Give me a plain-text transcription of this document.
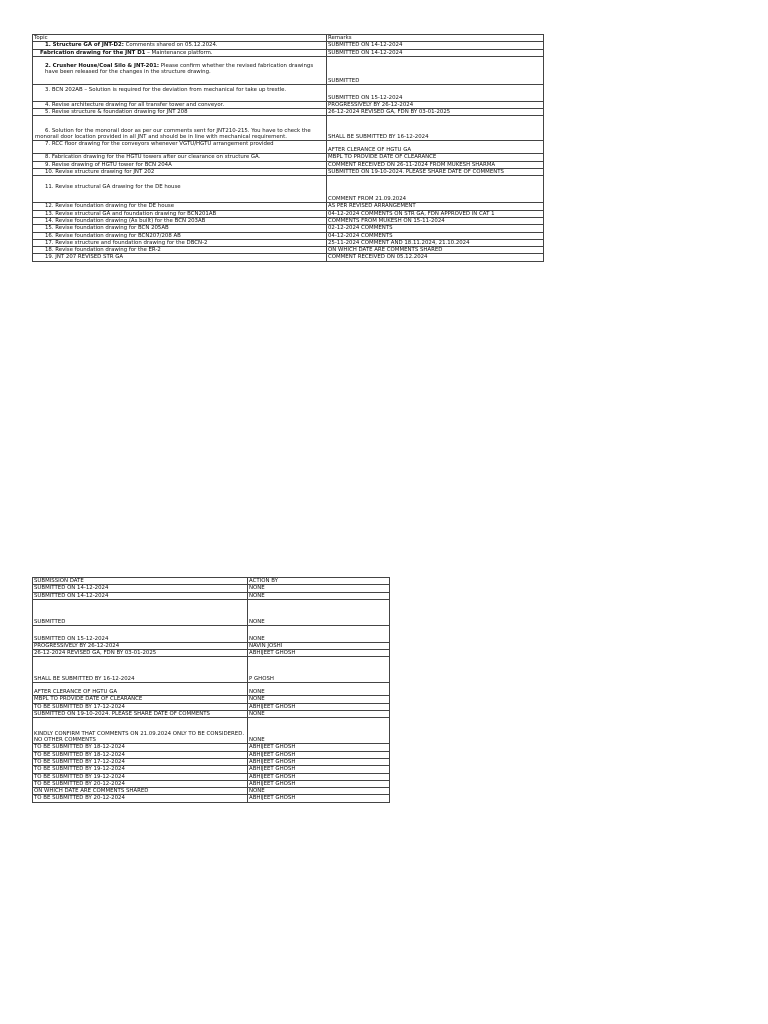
Topic	Remarks
1. Structure GA of JNT-D2: Comments shared on 05.12.2024.	SUBMITTED ON 14-12-2024
Fabrication drawing for the JNT D1 – Maintenance platform.	SUBMITTED ON 14-12-2024
2. Crusher House/Coal Silo & JNT-201: Please confirm whether the revised fabrication drawings have been released for the changes in the structure drawing.	SUBMITTED
3. BCN 202AB – Solution is required for the deviation from mechanical for take up trestle.	SUBMITTED ON 15-12-2024
4. Revise architecture drawing for all transfer tower and conveyor.	PROGRESSIVELY BY 26-12-2024
5. Revise structure & foundation drawing for JNT 208	26-12-2024 REVISED GA, FDN BY 03-01-2025
6. Solution for the monorail door as per our comments sent for JNT210-215. You have to check the monorail door location provided in all JNT and should be in line with mechanical requirement.	SHALL BE SUBMITTED BY 16-12-2024
7. RCC floor drawing for the conveyors whenever VGTU/HGTU arrangement provided	AFTER CLERANCE OF HGTU GA
8. Fabrication drawing for the HGTU towers after our clearance on structure GA.	MBPL TO PROVIDE DATE OF CLEARANCE
9. Revise drawing of HGTU tower for BCN 204A	COMMENT RECEIVED ON 26-11-2024 FROM MUKESH SHARMA
10. Revise structure drawing for JNT 202	SUBMITTED ON 19-10-2024. PLEASE SHARE DATE OF COMMENTS
11. Revise structural GA drawing for the DE house	COMMENT FROM 21.09.2024
12. Revise foundation drawing for the DE house	AS PER REVISED ARRANGEMENT
13. Revise structural GA and foundation drawing for BCN201AB	04-12-2024 COMMENTS ON STR GA, FDN APPROVED IN CAT 1
14. Revise foundation drawing (As built) for the BCN 203AB	COMMENTS FROM MUKESH ON 15-11-2024
15. Revise foundation drawing for BCN 205AB	02-12-2024 COMMENTS
16. Revise foundation drawing for BCN207/208 AB	04-12-2024 COMMENTS
17. Revise structure and foundation drawing for the DBCN-2	25-11-2024 COMMENT AND 18.11.2024, 21.10.2024
18. Revise foundation drawing for the ER-2	ON WHICH DATE ARE COMMENTS SHARED
19. JNT 207 REVISED STR GA	COMMENT RECEIVED ON 05.12.2024
SUBMISSION DATE	ACTION BY
SUBMITTED ON 14-12-2024	NONE
SUBMITTED ON 14-12-2024	NONE
SUBMITTED	NONE
SUBMITTED ON 15-12-2024	NONE
PROGRESSIVELY BY 26-12-2024	NAVIN JOSHI
26-12-2024 REVISED GA, FDN BY 03-01-2025	ABHIJEET GHOSH
SHALL BE SUBMITTED BY 16-12-2024	P GHOSH
AFTER CLERANCE OF HGTU GA	NONE
MBPL TO PROVIDE DATE OF CLEARANCE	NONE
TO BE SUBMITTED BY 17-12-2024	ABHIJEET GHOSH
SUBMITTED ON 19-10-2024. PLEASE SHARE DATE OF COMMENTS	NONE
KINDLY CONFIRM THAT COMMENTS ON 21.09.2024 ONLY TO BE CONSIDERED. NO OTHER COMMENTS	NONE
TO BE SUBMITTED BY 18-12-2024	ABHIJEET GHOSH
TO BE SUBMITTED BY 18-12-2024	ABHIJEET GHOSH
TO BE SUBMITTED BY 17-12-2024	ABHIJEET GHOSH
TO BE SUBMITTED BY 19-12-2024	ABHIJEET GHOSH
TO BE SUBMITTED BY 19-12-2024	ABHIJEET GHOSH
TO BE SUBMITTED BY 20-12-2024	ABHIJEET GHOSH
ON WHICH DATE ARE COMMENTS SHARED	NONE
TO BE SUBMITTED BY 20-12-2024	ABHIJEET GHOSH
